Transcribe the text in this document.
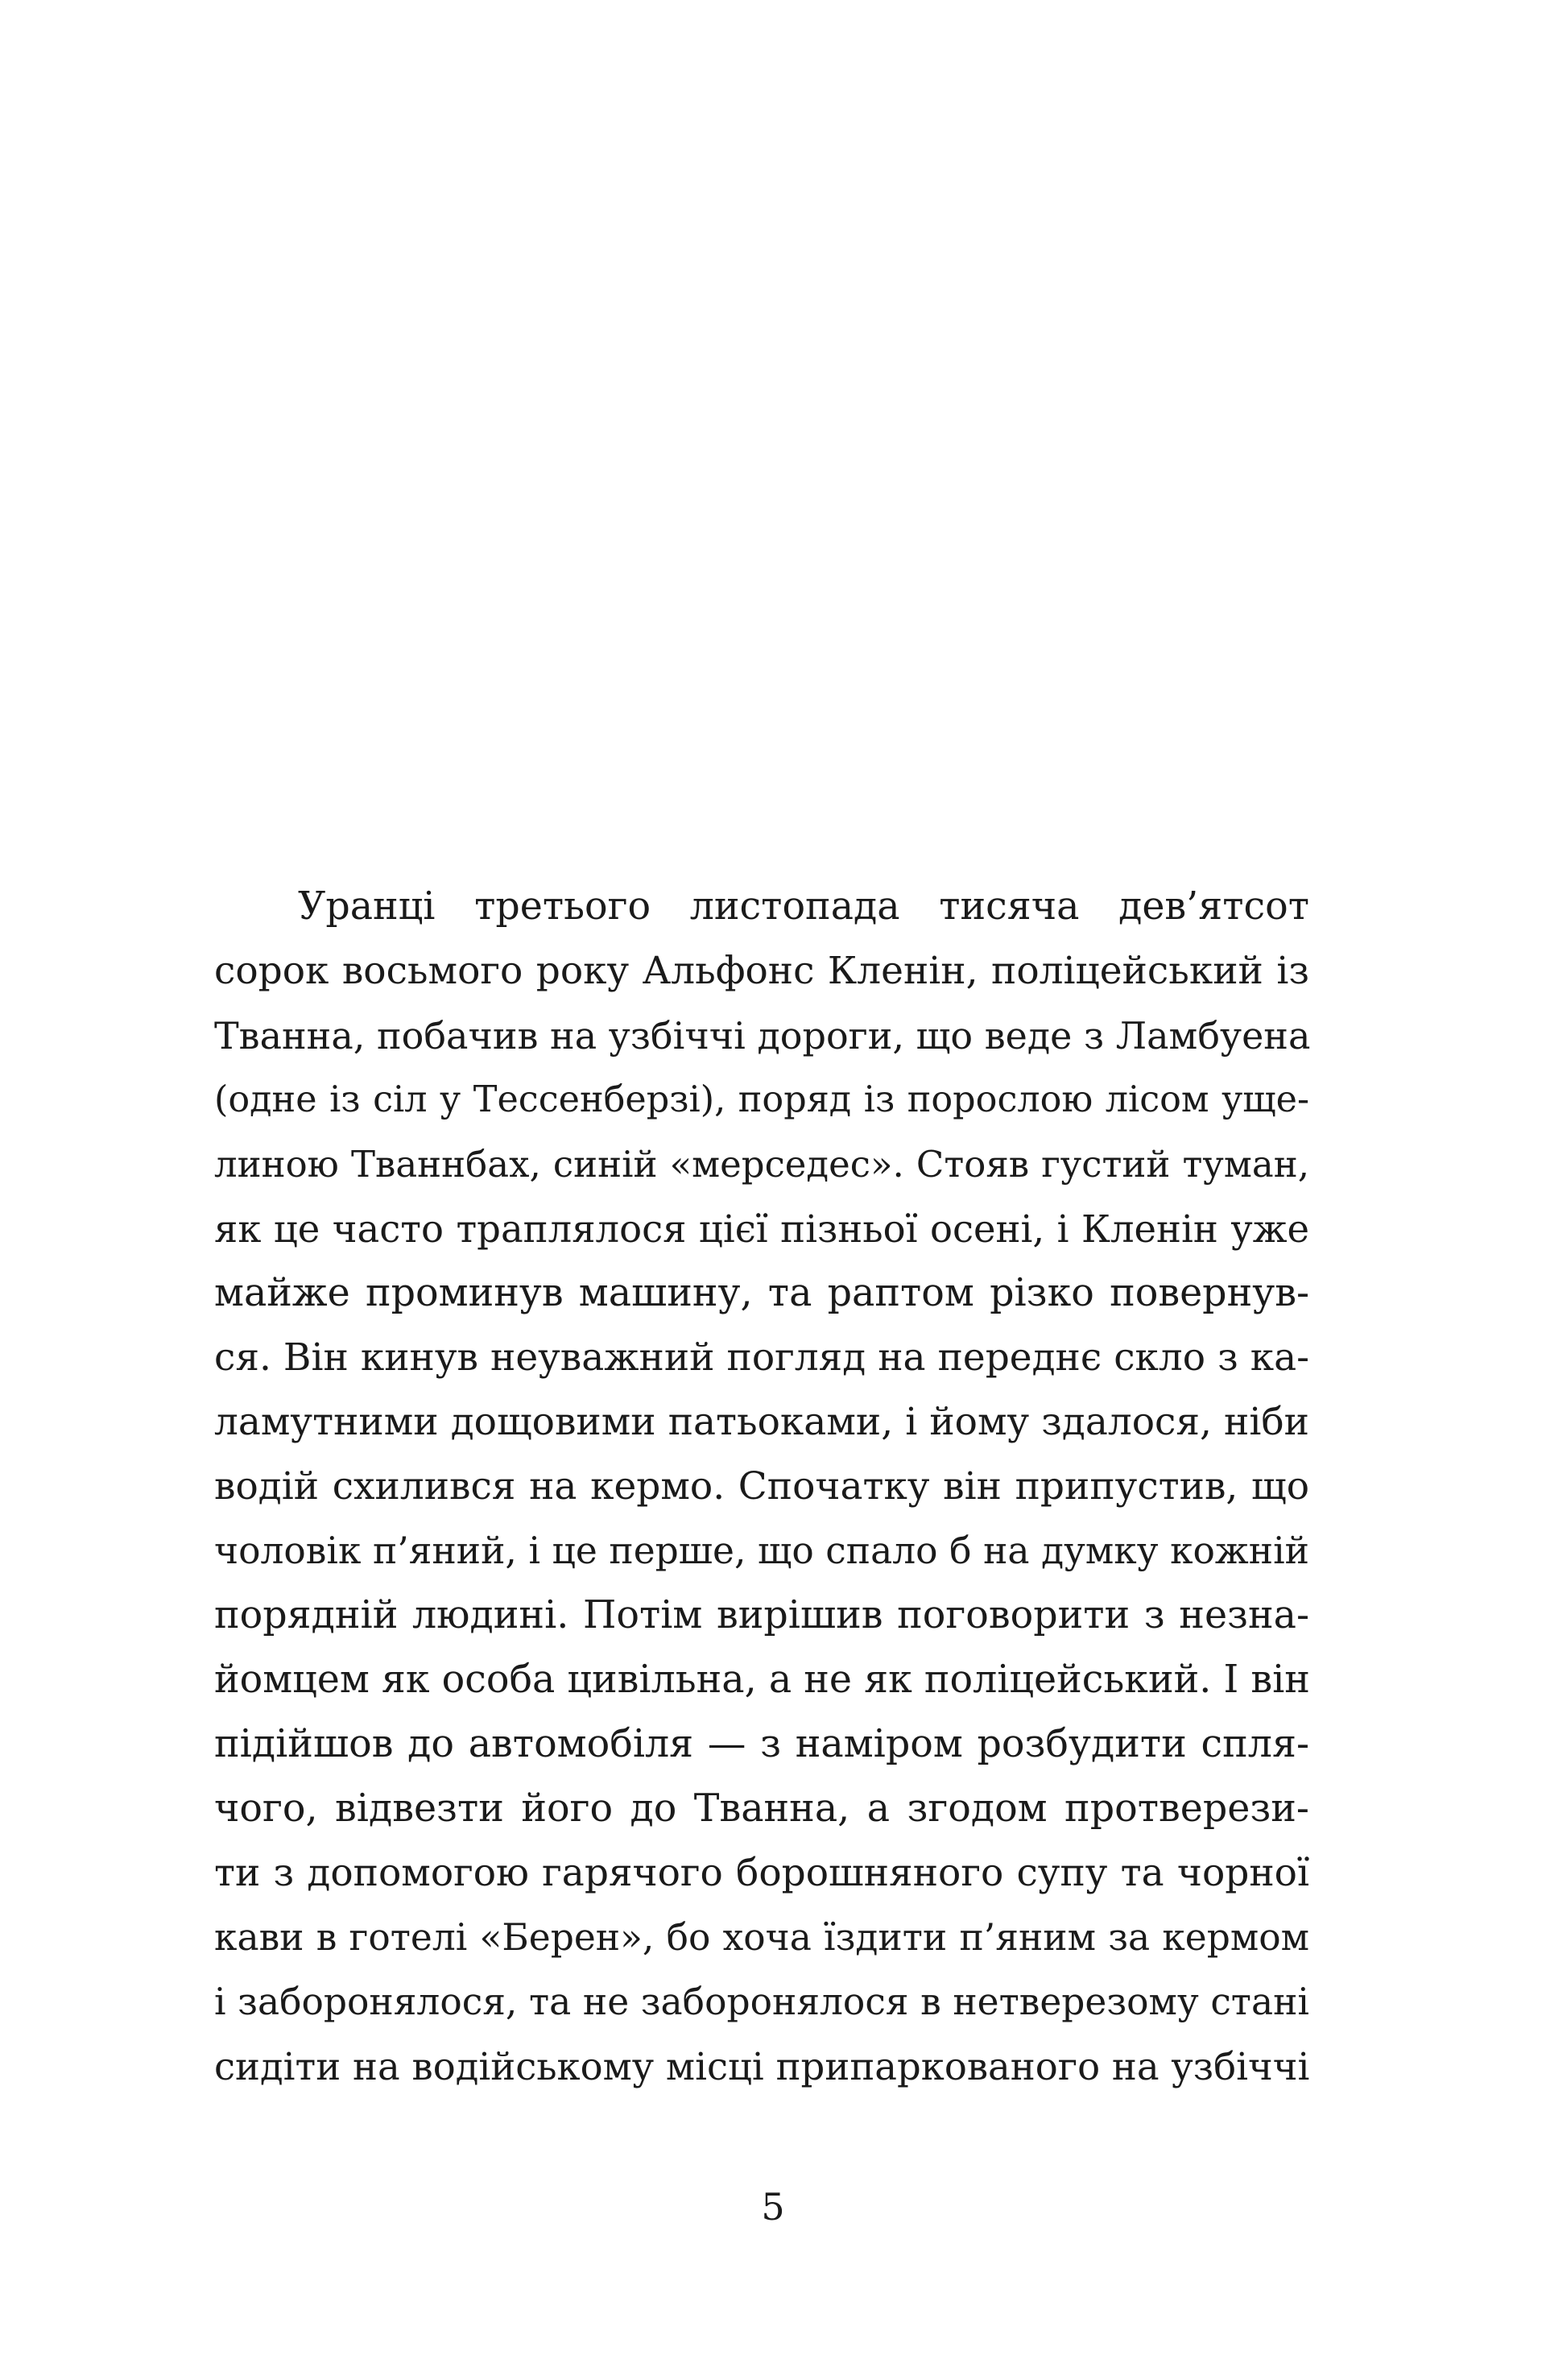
Уранці третього листопада тисяча дев’ятсот
сорок восьмого року Альфонс Кленін, поліцейський із
Тванна, побачив на узбіччі дороги, що веде з Ламбуена
(одне із сіл у Тессенберзі), поряд із порослою лісом уще-
линою Тваннбах, синій «мерседес». Стояв густий туман,
як це часто траплялося цієї пізньої осені, і Кленін уже
майже проминув машину, та раптом різко повернув-
ся. Він кинув неуважний погляд на переднє скло з ка-
ламутними дощовими патьоками, і йому здалося, ніби
водій схилився на кермо. Спочатку він припустив, що
чоловік п’яний, і це перше, що спало б на думку кожній
порядній людині. Потім вирішив поговорити з незна-
йомцем як особа цивільна, а не як поліцейський. І він
підійшов до автомобіля — з наміром розбудити спля-
чого, відвезти його до Тванна, а згодом протверези-
ти з допомогою гарячого борошняного супу та чорної
кави в готелі «Берен», бо хоча їздити п’яним за кермом
і заборонялося, та не заборонялося в нетверезому стані
сидіти на водійському місці припаркованого на узбіччі
5
